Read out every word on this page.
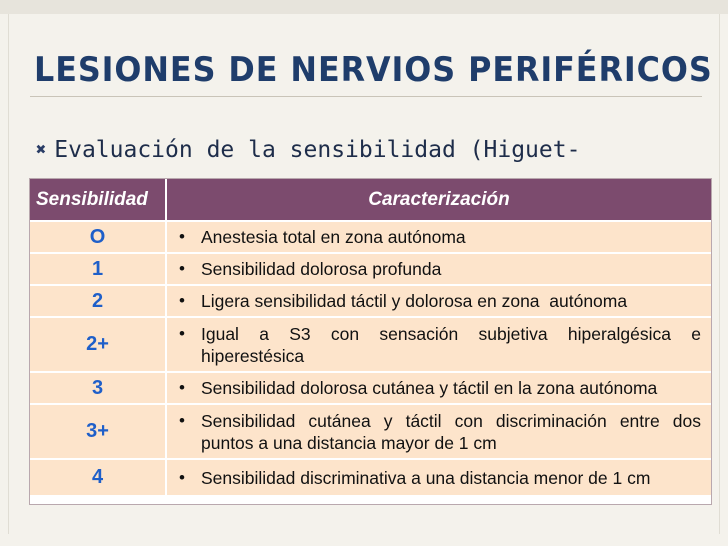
LESIONES DE NERVIOS PERIFÉRICOS
✖ Evaluación de la sensibilidad (Higuet-
Sensibilidad	Caracterización
O	• Anestesia total en zona autónoma

1	• Sensibilidad dolorosa profunda

2	• Ligera sensibilidad táctil y dolorosa en zona  autónoma

2+	• Igual a S3 con sensación subjetiva hiperalgésica e
hiperestésica

3	• Sensibilidad dolorosa cutánea y táctil en la zona autónoma

3+	• Sensibilidad cutánea y táctil con discriminación entre dos
puntos a una distancia mayor de 1 cm

4	• Sensibilidad discriminativa a una distancia menor de 1 cm
